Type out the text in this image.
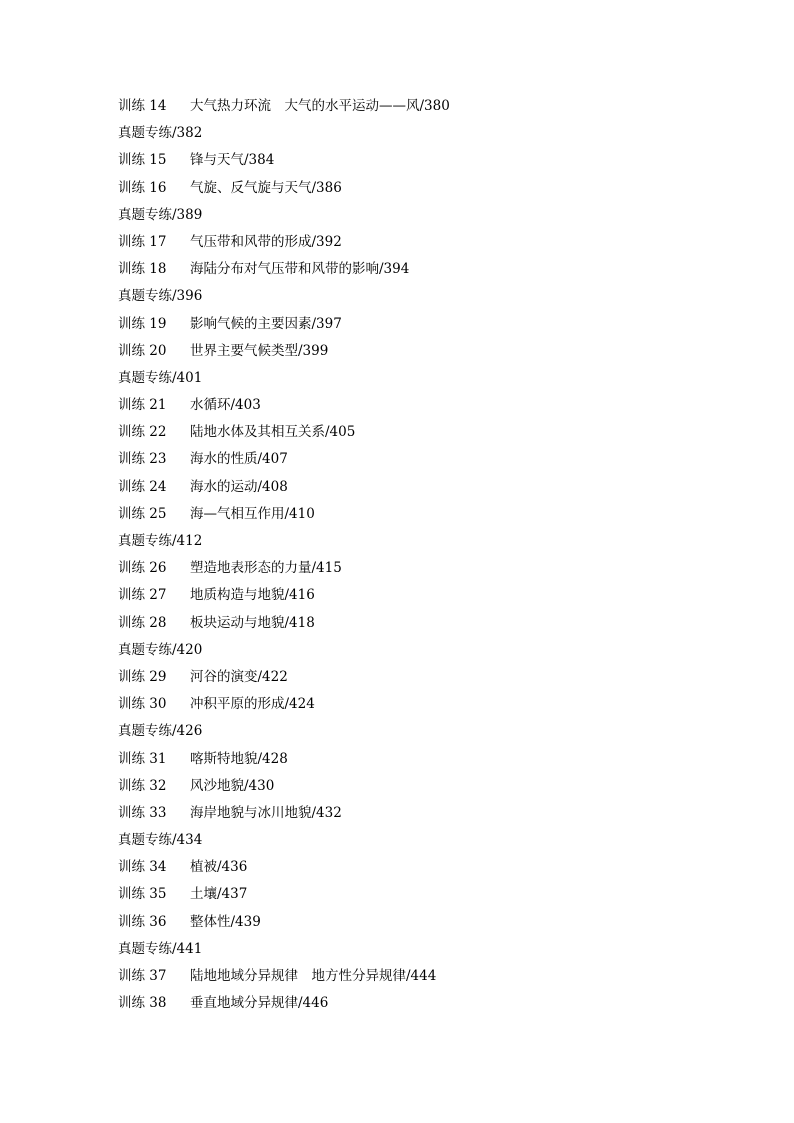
训练 14 大气热力环流　大气的水平运动——风/380
真题专练/382
训练 15 锋与天气/384
训练 16 气旋、反气旋与天气/386
真题专练/389
训练 17 气压带和风带的形成/392
训练 18 海陆分布对气压带和风带的影响/394
真题专练/396
训练 19 影响气候的主要因素/397
训练 20 世界主要气候类型/399
真题专练/401
训练 21 水循环/403
训练 22 陆地水体及其相互关系/405
训练 23 海水的性质/407
训练 24 海水的运动/408
训练 25 海—气相互作用/410
真题专练/412
训练 26 塑造地表形态的力量/415
训练 27 地质构造与地貌/416
训练 28 板块运动与地貌/418
真题专练/420
训练 29 河谷的演变/422
训练 30 冲积平原的形成/424
真题专练/426
训练 31 喀斯特地貌/428
训练 32 风沙地貌/430
训练 33 海岸地貌与冰川地貌/432
真题专练/434
训练 34 植被/436
训练 35 土壤/437
训练 36 整体性/439
真题专练/441
训练 37 陆地地域分异规律　地方性分异规律/444
训练 38 垂直地域分异规律/446
